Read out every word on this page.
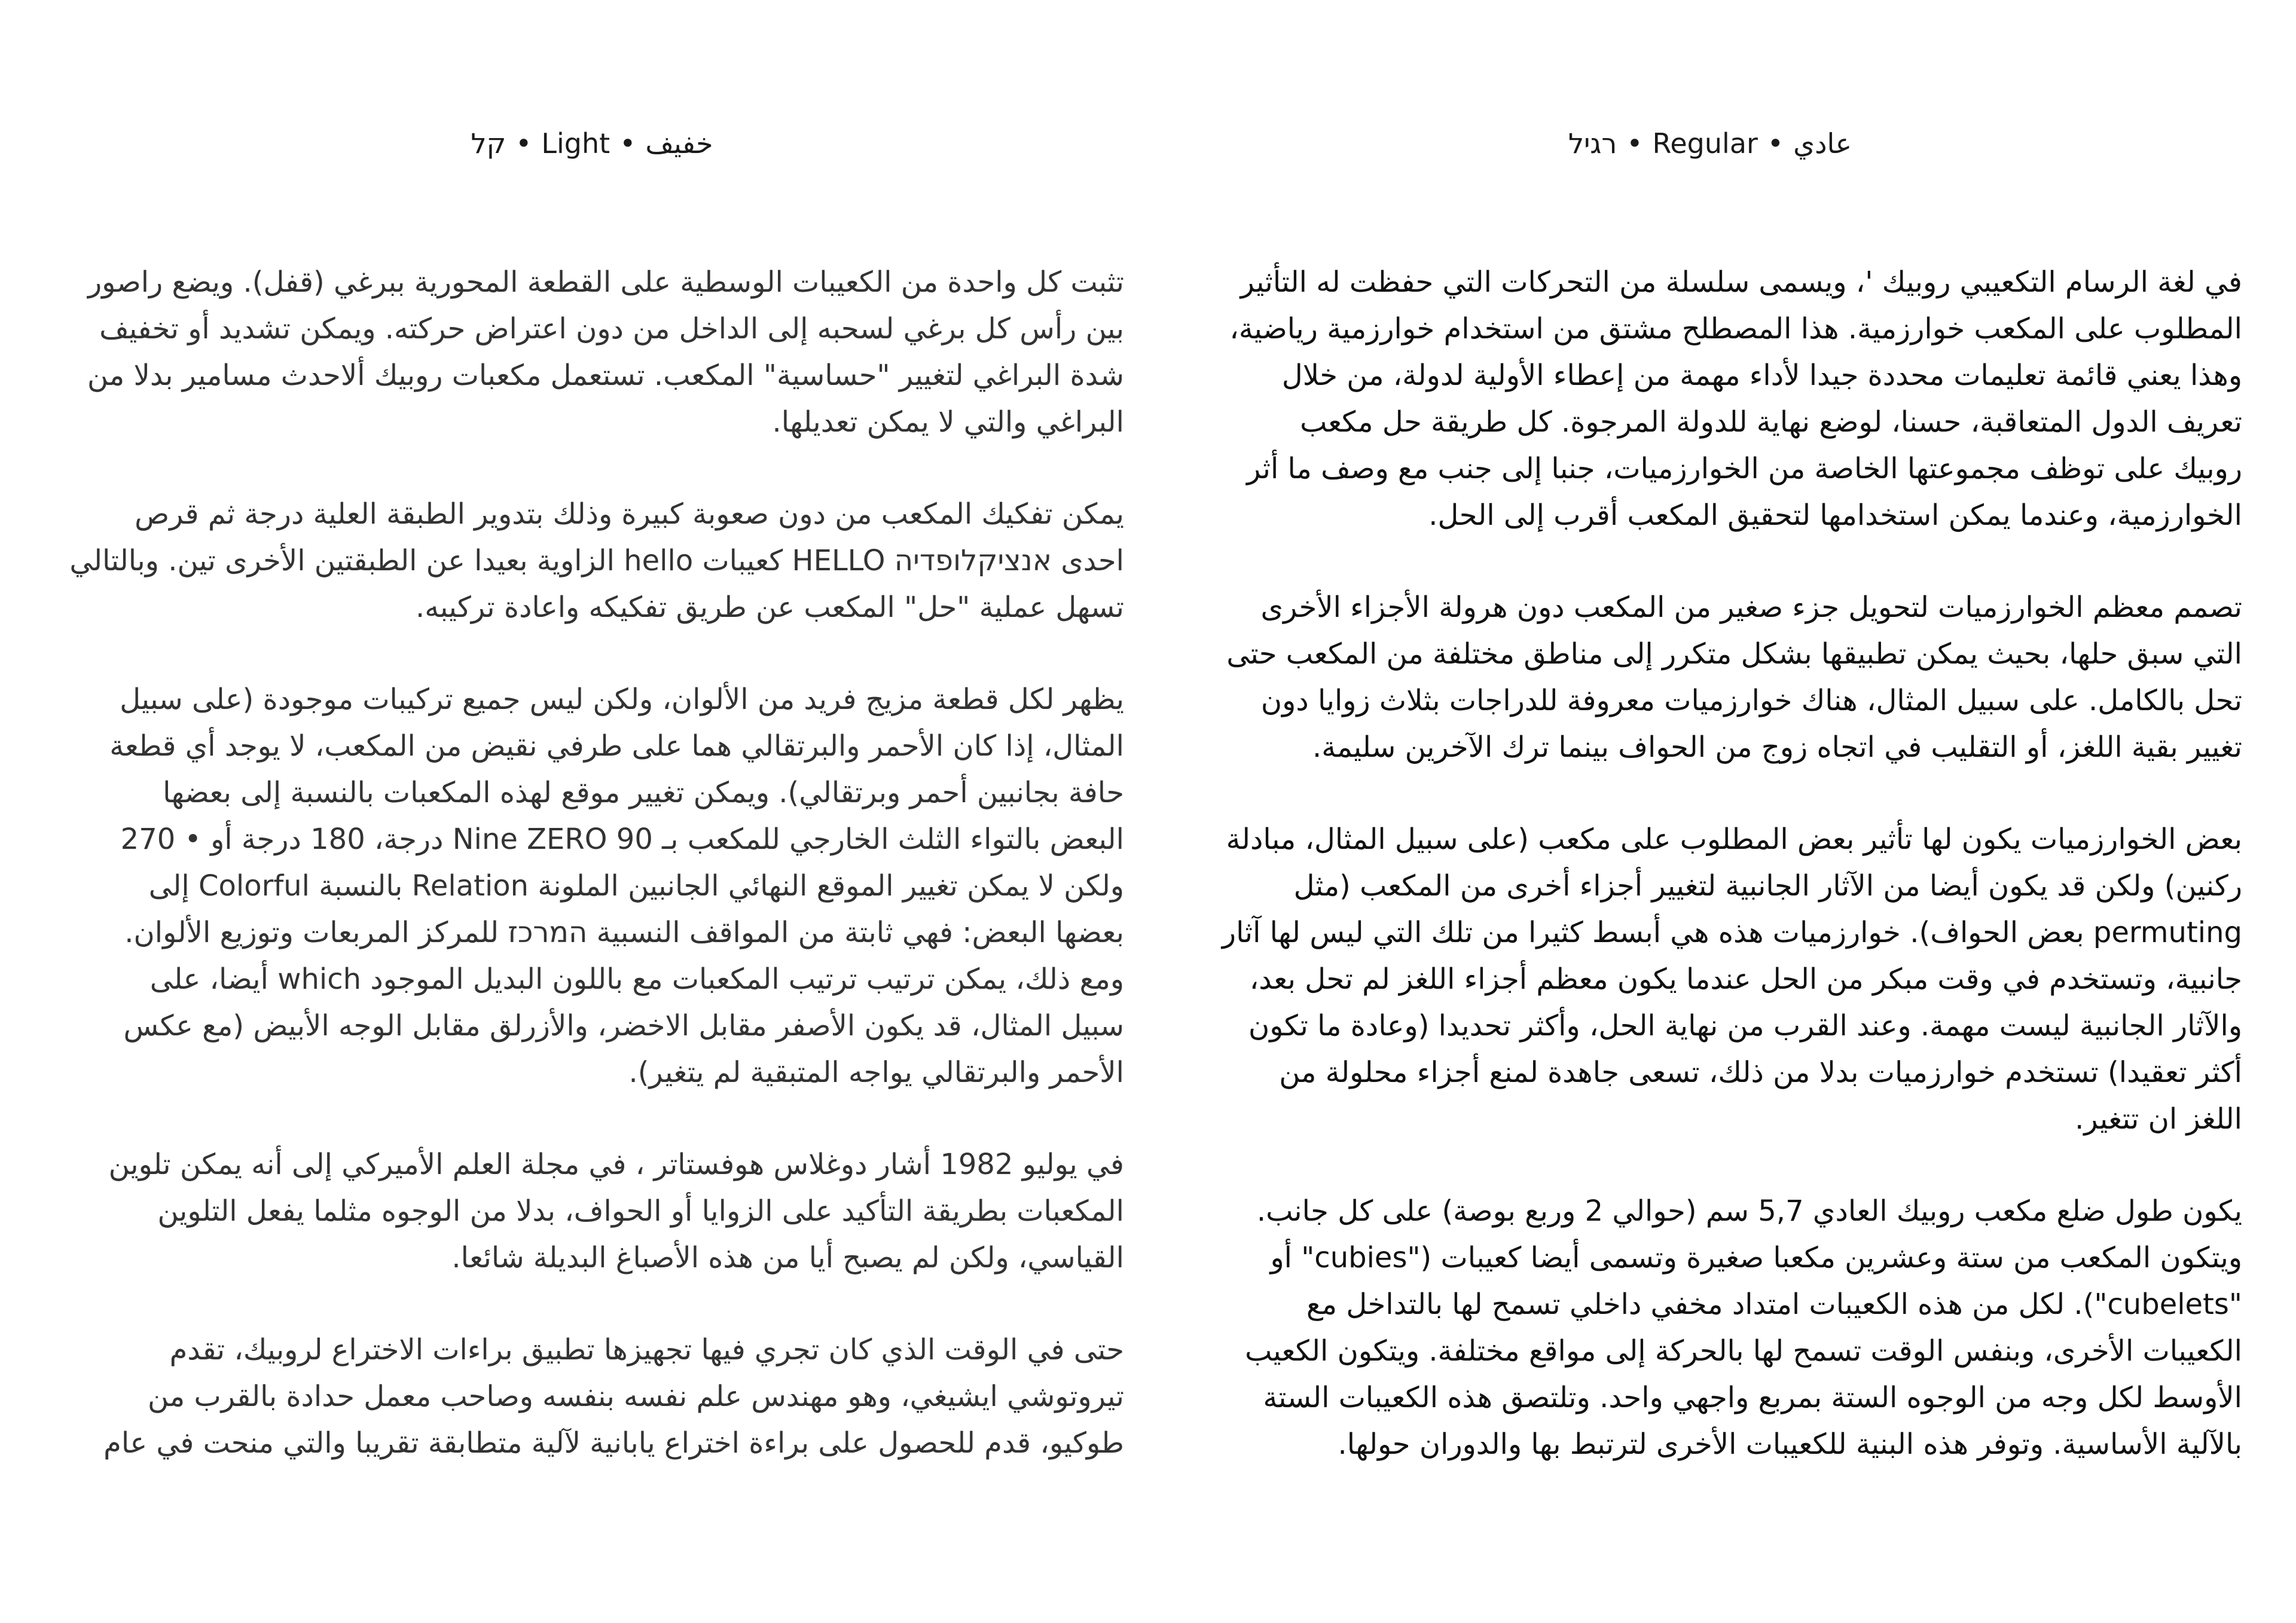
عادي•Regular•רגיל
في لغة الرسام التكعيبي روبيك '، ويسمى سلسلة من التحركات التي حفظت له التأثير
المطلوب على المكعب خوارزمية. هذا المصطلح مشتق من استخدام خوارزمية رياضية،
وهذا يعني قائمة تعليمات محددة جيدا لأداء مهمة من إعطاء الأولية لدولة، من خلال
تعريف الدول المتعاقبة، حسنا، لوضع نهاية للدولة المرجوة. كل طريقة حل مكعب
روبيك على توظف مجموعتها الخاصة من الخوارزميات، جنبا إلى جنب مع وصف ما أثر
الخوارزمية، وعندما يمكن استخدامها لتحقيق المكعب أقرب إلى الحل.
تصمم معظم الخوارزميات لتحويل جزء صغير من المكعب دون هرولة الأجزاء الأخرى
التي سبق حلها، بحيث يمكن تطبيقها بشكل متكرر إلى مناطق مختلفة من المكعب حتى
تحل بالكامل. على سبيل المثال، هناك خوارزميات معروفة للدراجات بثلاث زوايا دون
تغيير بقية اللغز، أو التقليب في اتجاه زوج من الحواف بينما ترك الآخرين سليمة.
بعض الخوارزميات يكون لها تأثير بعض المطلوب على مكعب (على سبيل المثال، مبادلة
ركنين) ولكن قد يكون أيضا من الآثار الجانبية لتغيير أجزاء أخرى من المكعب (مثل
permuting بعض الحواف). خوارزميات هذه هي أبسط كثيرا من تلك التي ليس لها آثار
جانبية، وتستخدم في وقت مبكر من الحل عندما يكون معظم أجزاء اللغز لم تحل بعد،
والآثار الجانبية ليست مهمة. وعند القرب من نهاية الحل، وأكثر تحديدا (وعادة ما تكون
أكثر تعقيدا) تستخدم خوارزميات بدلا من ذلك، تسعى جاهدة لمنع أجزاء محلولة من
اللغز ان تتغير.
يكون طول ضلع مكعب روبيك العادي 5,7 سم (حوالي 2 وربع بوصة) على كل جانب.
ويتكون المكعب من ستة وعشرين مكعبا صغيرة وتسمى أيضا كعيبات ("cubies" أو
"cubelets"). لكل من هذه الكعيبات امتداد مخفي داخلي تسمح لها بالتداخل مع
الكعيبات الأخرى، وبنفس الوقت تسمح لها بالحركة إلى مواقع مختلفة. ويتكون الكعيب
الأوسط لكل وجه من الوجوه الستة بمربع واجهي واحد. وتلتصق هذه الكعيبات الستة
بالآلية الأساسية. وتوفر هذه البنية للكعيبات الأخرى لترتبط بها والدوران حولها.
خفيف•Light•קל
تثبت كل واحدة من الكعيبات الوسطية على القطعة المحورية ببرغي (قفل). ويضع راصور
بين رأس كل برغي لسحبه إلى الداخل من دون اعتراض حركته. ويمكن تشديد أو تخفيف
شدة البراغي لتغيير "حساسية" المكعب. تستعمل مكعبات روبيك ألاحدث مسامير بدلا من
البراغي والتي لا يمكن تعديلها.
يمكن تفكيك المكعب من دون صعوبة كبيرة وذلك بتدوير الطبقة العلية درجة ثم قرص
احدى אנציקלופדיה HELLO كعيبات hello الزاوية بعيدا عن الطبقتين الأخرى تين. وبالتالي
تسهل عملية "حل" المكعب عن طريق تفكيكه واعادة تركيبه.
يظهر لكل قطعة مزيج فريد من الألوان، ولكن ليس جميع تركيبات موجودة (على سبيل
المثال، إذا كان الأحمر والبرتقالي هما على طرفي نقيض من المكعب، لا يوجد أي قطعة
حافة بجانبين أحمر وبرتقالي). ويمكن تغيير موقع لهذه المكعبات بالنسبة إلى بعضها
البعض بالتواء الثلث الخارجي للمكعب بـ Nine ZERO 90 درجة، 180 درجة أو • 270
ولكن لا يمكن تغيير الموقع النهائي الجانبين الملونة Relation بالنسبة Colorful إلى
بعضها البعض: فهي ثابتة من المواقف النسبية המרכז للمركز المربعات وتوزيع الألوان.
ومع ذلك، يمكن ترتيب ترتيب المكعبات مع باللون البديل الموجود which أيضا، على
سبيل المثال، قد يكون الأصفر مقابل الاخضر، والأزرلق مقابل الوجه الأبيض (مع عكس
الأحمر والبرتقالي يواجه المتبقية لم يتغير).
في يوليو 1982 أشار دوغلاس هوفستاتر ، في مجلة العلم الأميركي إلى أنه يمكن تلوين
المكعبات بطريقة التأكيد على الزوايا أو الحواف، بدلا من الوجوه مثلما يفعل التلوين
القياسي، ولكن لم يصبح أيا من هذه الأصباغ البديلة شائعا.
حتى في الوقت الذي كان تجري فيها تجهيزها تطبيق براءات الاختراع لروبيك، تقدم
تيروتوشي ايشيغي، وهو مهندس علم نفسه بنفسه وصاحب معمل حدادة بالقرب من
طوكيو، قدم للحصول على براءة اختراع يابانية لآلية متطابقة تقريبا والتي منحت في عام
